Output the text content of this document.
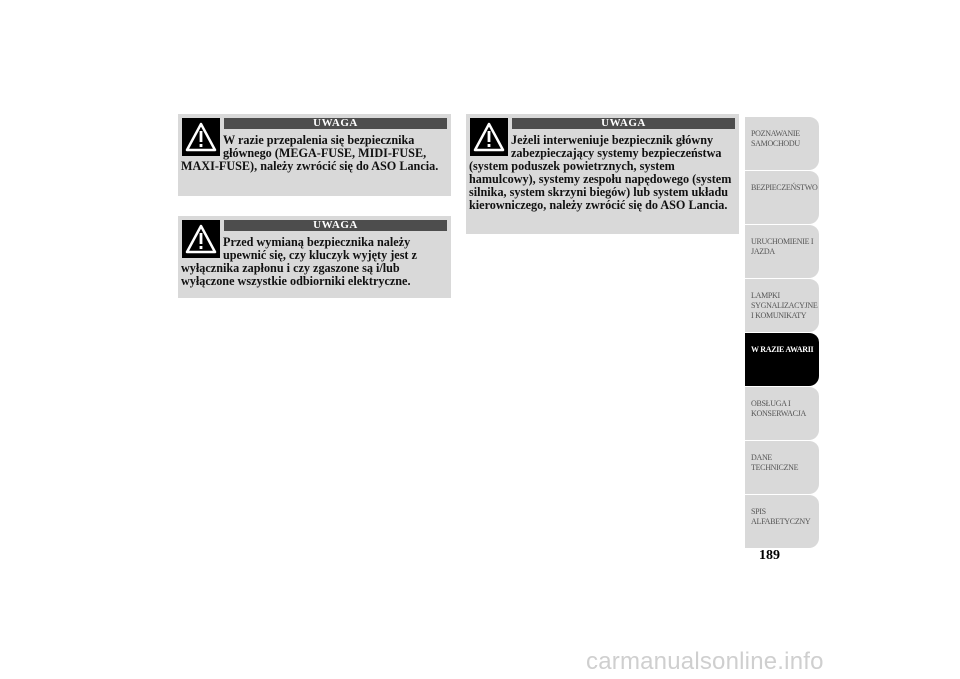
UWAGA

W razie przepalenia się bezpiecznika głównego (MEGA-FUSE, MIDI-FUSE, MAXI-FUSE), należy zwrócić się do ASO Lancia.

UWAGA

Przed wymianą bezpiecznika należy upewnić się, czy kluczyk wyjęty jest z wyłącznika zapłonu i czy zgaszone są i/lub wyłączone wszystkie odbiorniki elektryczne.

UWAGA

Jeżeli interweniuje bezpiecznik główny zabezpieczający systemy bezpieczeństwa (system poduszek powietrznych, system hamulcowy), systemy zespołu napędowego (system silnika, system skrzyni biegów) lub system układu kierowniczego, należy zwrócić się do ASO Lancia.

POZNAWANIE SAMOCHODU
BEZPIECZEŃSTWO
URUCHOMIENIE I JAZDA
LAMPKI SYGNALIZACYJNE I KOMUNIKATY
W RAZIE AWARII
OBSŁUGA I KONSERWACJA
DANE TECHNICZNE
SPIS ALFABETYCZNY
189
carmanualsonline.info
